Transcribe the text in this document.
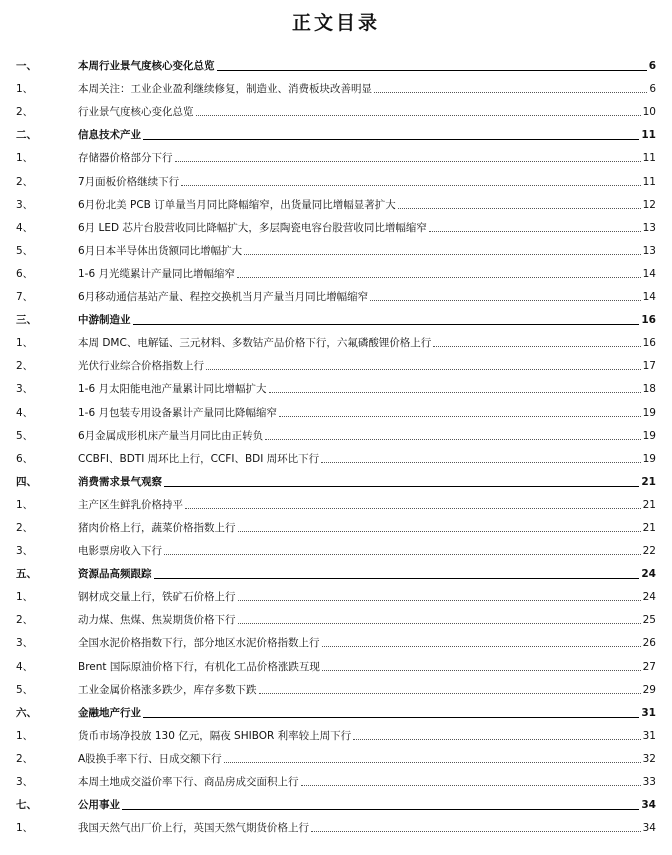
正文目录
一、	本周行业景气度核心变化总览	6
1、	本周关注：工业企业盈利继续修复，制造业、消费板块改善明显	6
2、	行业景气度核心变化总览	10
二、	信息技术产业	11
1、	存储器价格部分下行	11
2、	7月面板价格继续下行	11
3、	6月份北美 PCB 订单量当月同比降幅缩窄，出货量同比增幅显著扩大	12
4、	6月 LED 芯片台股营收同比降幅扩大，多层陶瓷电容台股营收同比增幅缩窄	13
5、	6月日本半导体出货额同比增幅扩大	13
6、	1-6 月光缆累计产量同比增幅缩窄	14
7、	6月移动通信基站产量、程控交换机当月产量当月同比增幅缩窄	14
三、	中游制造业	16
1、	本周 DMC、电解锰、三元材料、多数钴产品价格下行，六氟磷酸锂价格上行	16
2、	光伏行业综合价格指数上行	17
3、	1-6 月太阳能电池产量累计同比增幅扩大	18
4、	1-6 月包装专用设备累计产量同比降幅缩窄	19
5、	6月金属成形机床产量当月同比由正转负	19
6、	CCBFI、BDTI 周环比上行，CCFI、BDI 周环比下行	19
四、	消费需求景气观察	21
1、	主产区生鲜乳价格持平	21
2、	猪肉价格上行，蔬菜价格指数上行	21
3、	电影票房收入下行	22
五、	资源品高频跟踪	24
1、	钢材成交量上行，铁矿石价格上行	24
2、	动力煤、焦煤、焦炭期货价格下行	25
3、	全国水泥价格指数下行，部分地区水泥价格指数上行	26
4、	Brent 国际原油价格下行，有机化工品价格涨跌互现	27
5、	工业金属价格涨多跌少，库存多数下跌	29
六、	金融地产行业	31
1、	货币市场净投放 130 亿元，隔夜 SHIBOR 利率较上周下行	31
2、	A股换手率下行、日成交额下行	32
3、	本周土地成交溢价率下行、商品房成交面积上行	33
七、	公用事业	34
1、	我国天然气出厂价上行，英国天然气期货价格上行	34
